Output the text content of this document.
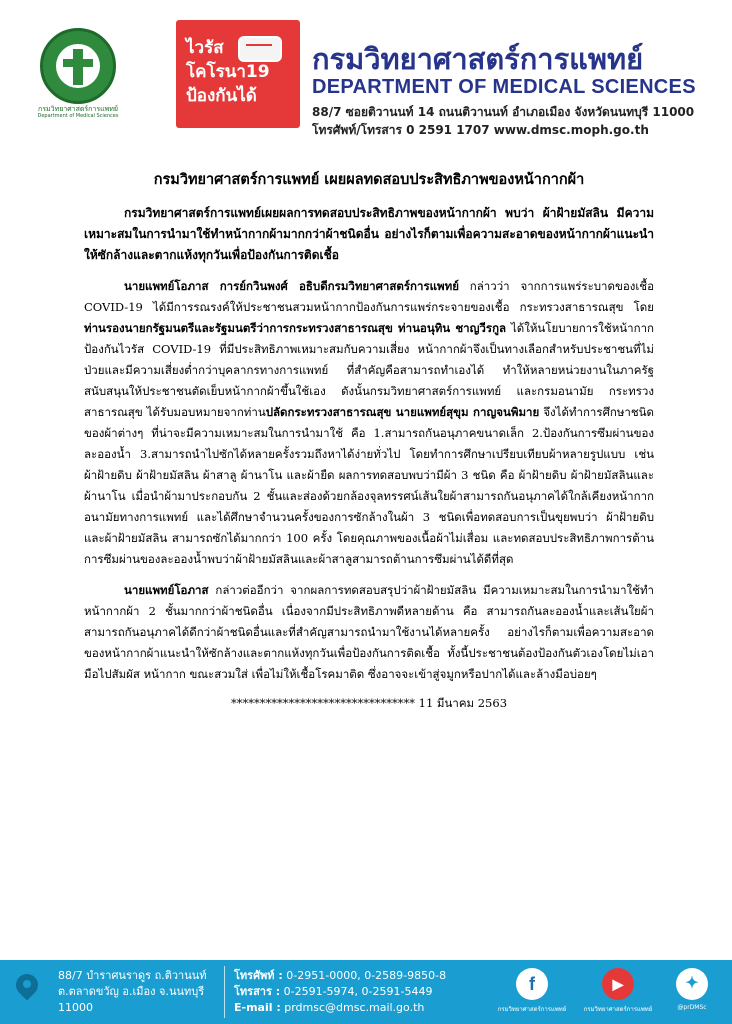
กรมวิทยาศาสตร์การแพทย์
Department of Medical Sciences
ไวรัส
โคโรนา19
ป้องกันได้
กรมวิทยาศาสตร์การแพทย์
DEPARTMENT OF MEDICAL SCIENCES
88/7 ซอยติวานนท์ 14 ถนนติวานนท์ อำเภอเมือง จังหวัดนนทบุรี 11000
โทรศัพท์/โทรสาร 0 2591 1707 www.dmsc.moph.go.th
กรมวิทยาศาสตร์การแพทย์ เผยผลทดสอบประสิทธิภาพของหน้ากากผ้า

กรมวิทยาศาสตร์การแพทย์เผยผลการทดสอบประสิทธิภาพของหน้ากากผ้า พบว่า ผ้าฝ้ายมัสลิน มีความเหมาะสมในการนำมาใช้ทำหน้ากากผ้ามากกว่าผ้าชนิดอื่น อย่างไรก็ตามเพื่อความสะอาดของหน้ากากผ้าแนะนำให้ซักล้างและตากแห้งทุกวันเพื่อป้องกันการติดเชื้อ

นายแพทย์โอภาส การย์กวินพงศ์ อธิบดีกรมวิทยาศาสตร์การแพทย์ กล่าวว่า จากการแพร่ระบาดของเชื้อ COVID-19 ได้มีการรณรงค์ให้ประชาชนสวมหน้ากากป้องกันการแพร่กระจายของเชื้อ กระทรวงสาธารณสุข โดย ท่านรองนายกรัฐมนตรีและรัฐมนตรีว่าการกระทรวงสาธารณสุข ท่านอนุทิน ชาญวีรกูล ได้ให้นโยบายการใช้หน้ากากป้องกันไวรัส COVID-19 ที่มีประสิทธิภาพเหมาะสมกับความเสี่ยง หน้ากากผ้าจึงเป็นทางเลือกสำหรับประชาชนที่ไม่ป่วยและมีความเสี่ยงต่ำกว่าบุคลากรทางการแพทย์ ที่สำคัญคือสามารถทำเองได้ ทำให้หลายหน่วยงานในภาครัฐสนับสนุนให้ประชาชนตัดเย็บหน้ากากผ้าขึ้นใช้เอง ดังนั้นกรมวิทยาศาสตร์การแพทย์ และกรมอนามัย กระทรวงสาธารณสุข ได้รับมอบหมายจากท่านปลัดกระทรวงสาธารณสุข นายแพทย์สุขุม กาญจนพิมาย จึงได้ทำการศึกษาชนิดของผ้าต่างๆ ที่น่าจะมีความเหมาะสมในการนำมาใช้ คือ 1.สามารถกันอนุภาคขนาดเล็ก 2.ป้องกันการซึมผ่านของละอองน้ำ 3.สามารถนำไปซักได้หลายครั้งรวมถึงหาได้ง่ายทั่วไป โดยทำการศึกษาเปรียบเทียบผ้าหลายรูปแบบ เช่น ผ้าฝ้ายดิบ ผ้าฝ้ายมัสลิน ผ้าสาลู ผ้านาโน และผ้ายืด ผลการทดสอบพบว่ามีผ้า 3 ชนิด คือ ผ้าฝ้ายดิบ ผ้าฝ้ายมัสลินและผ้านาโน เมื่อนำผ้ามาประกอบกัน 2 ชั้นและส่องด้วยกล้องจุลทรรศน์เส้นใยผ้าสามารถกันอนุภาคได้ใกล้เคียงหน้ากากอนามัยทางการแพทย์ และได้ศึกษาจำนวนครั้งของการซักล้างในผ้า 3 ชนิดเพื่อทดสอบการเป็นขุยพบว่า ผ้าฝ้ายดิบและผ้าฝ้ายมัสลิน สามารถซักได้มากกว่า 100 ครั้ง โดยคุณภาพของเนื้อผ้าไม่เสื่อม และทดสอบประสิทธิภาพการต้านการซึมผ่านของละอองน้ำพบว่าผ้าฝ้ายมัสลินและผ้าสาลูสามารถต้านการซึมผ่านได้ดีที่สุด

นายแพทย์โอภาส กล่าวต่ออีกว่า จากผลการทดสอบสรุปว่าผ้าฝ้ายมัสลิน มีความเหมาะสมในการนำมาใช้ทำหน้ากากผ้า 2 ชั้นมากกว่าผ้าชนิดอื่น เนื่องจากมีประสิทธิภาพดีหลายด้าน คือ สามารถกันละอองน้ำและเส้นใยผ้าสามารถกันอนุภาคได้ดีกว่าผ้าชนิดอื่นและที่สำคัญสามารถนำมาใช้งานได้หลายครั้ง อย่างไรก็ตามเพื่อความสะอาดของหน้ากากผ้าแนะนำให้ซักล้างและตากแห้งทุกวันเพื่อป้องกันการติดเชื้อ ทั้งนี้ประชาชนต้องป้องกันตัวเองโดยไม่เอามือไปสัมผัส หน้ากาก ขณะสวมใส่ เพื่อไม่ให้เชื้อโรคมาติด ซึ่งอาจจะเข้าสู่จมูกหรือปากได้และล้างมือบ่อยๆ

******************************** 11 มีนาคม 2563
88/7 บำราศนราดูร ถ.ติวานนท์
ต.ตลาดขวัญ อ.เมือง จ.นนทบุรี
11000
โทรศัพท์ : 0-2951-0000, 0-2589-9850-8
โทรสาร : 0-2591-5974, 0-2591-5449
E-mail : prdmsc@dmsc.mail.go.th
f
กรมวิทยาศาสตร์การแพทย์
▶
กรมวิทยาศาสตร์การแพทย์
✦
@prDMSc
